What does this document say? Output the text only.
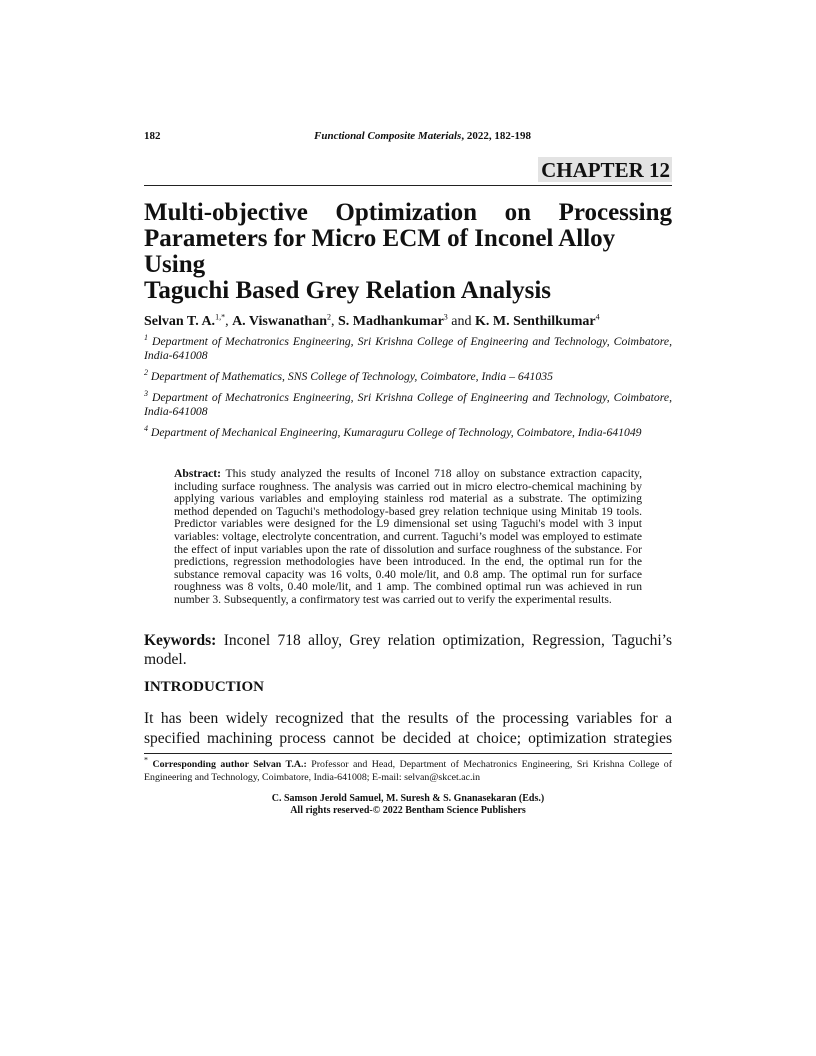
182	Functional Composite Materials, 2022, 182-198
CHAPTER 12
Multi-objective Optimization on Processing
Parameters for Micro ECM of Inconel Alloy Using
Taguchi Based Grey Relation Analysis
Selvan T. A.$^{1,*}$, A. Viswanathan$^2$, S. Madhankumar$^3$ and K. M. Senthilkumar$^4$

$^1$ Department of Mechatronics Engineering, Sri Krishna College of Engineering and Technology, Coimbatore, India-641008

$^2$ Department of Mathematics, SNS College of Technology, Coimbatore, India – 641035

$^3$ Department of Mechatronics Engineering, Sri Krishna College of Engineering and Technology, Coimbatore, India-641008

$^4$ Department of Mechanical Engineering, Kumaraguru College of Technology, Coimbatore, India-641049

Abstract: This study analyzed the results of Inconel 718 alloy on substance extraction capacity, including surface roughness. The analysis was carried out in micro electro-chemical machining by applying various variables and employing stainless rod material as a substrate. The optimizing method depended on Taguchi's methodology-based grey relation technique using Minitab 19 tools. Predictor variables were designed for the L9 dimensional set using Taguchi's model with 3 input variables: voltage, electrolyte concentration, and current. Taguchi’s model was employed to estimate the effect of input variables upon the rate of dissolution and surface roughness of the substance. For predictions, regression methodologies have been introduced. In the end, the optimal run for the substance removal capacity was 16 volts, 0.40 mole/lit, and 0.8 amp. The optimal run for surface roughness was 8 volts, 0.40 mole/lit, and 1 amp. The combined optimal run was achieved in run number 3. Subsequently, a confirmatory test was carried out to verify the experimental results.
Keywords: Inconel 718 alloy, Grey relation optimization, Regression, Taguchi’s model.
INTRODUCTION
It has been widely recognized that the results of the processing variables for a
specified machining process cannot be decided at choice; optimization strategies
* Corresponding author Selvan T.A.: Professor and Head, Department of Mechatronics Engineering, Sri Krishna College of Engineering and Technology, Coimbatore, India-641008; E-mail: selvan@skcet.ac.in
C. Samson Jerold Samuel, M. Suresh & S. Gnanasekaran (Eds.)
All rights reserved-© 2022 Bentham Science Publishers
